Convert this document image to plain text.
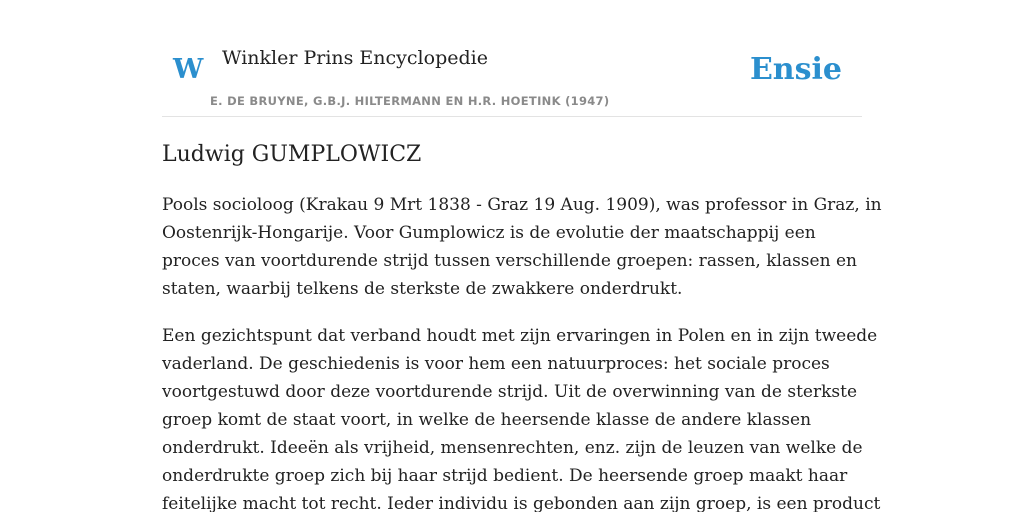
W Winkler Prins Encyclopedie
E. DE BRUYNE, G.B.J. HILTERMANN EN H.R. HOETINK (1947)
Ensie
Ludwig GUMPLOWICZ

Pools socioloog (Krakau 9 Mrt 1838 - Graz 19 Aug. 1909), was professor in Graz, in
Oostenrijk-Hongarije. Voor Gumplowicz is de evolutie der maatschappij een
proces van voortdurende strijd tussen verschillende groepen: rassen, klassen en
staten, waarbij telkens de sterkste de zwakkere onderdrukt.

Een gezichtspunt dat verband houdt met zijn ervaringen in Polen en in zijn tweede
vaderland. De geschiedenis is voor hem een natuurproces: het sociale proces
voortgestuwd door deze voortdurende strijd. Uit de overwinning van de sterkste
groep komt de staat voort, in welke de heersende klasse de andere klassen
onderdrukt. Ideeën als vrijheid, mensenrechten, enz. zijn de leuzen van welke de
onderdrukte groep zich bij haar strijd bedient. De heersende groep maakt haar
feitelijke macht tot recht. Ieder individu is gebonden aan zijn groep, is een product
